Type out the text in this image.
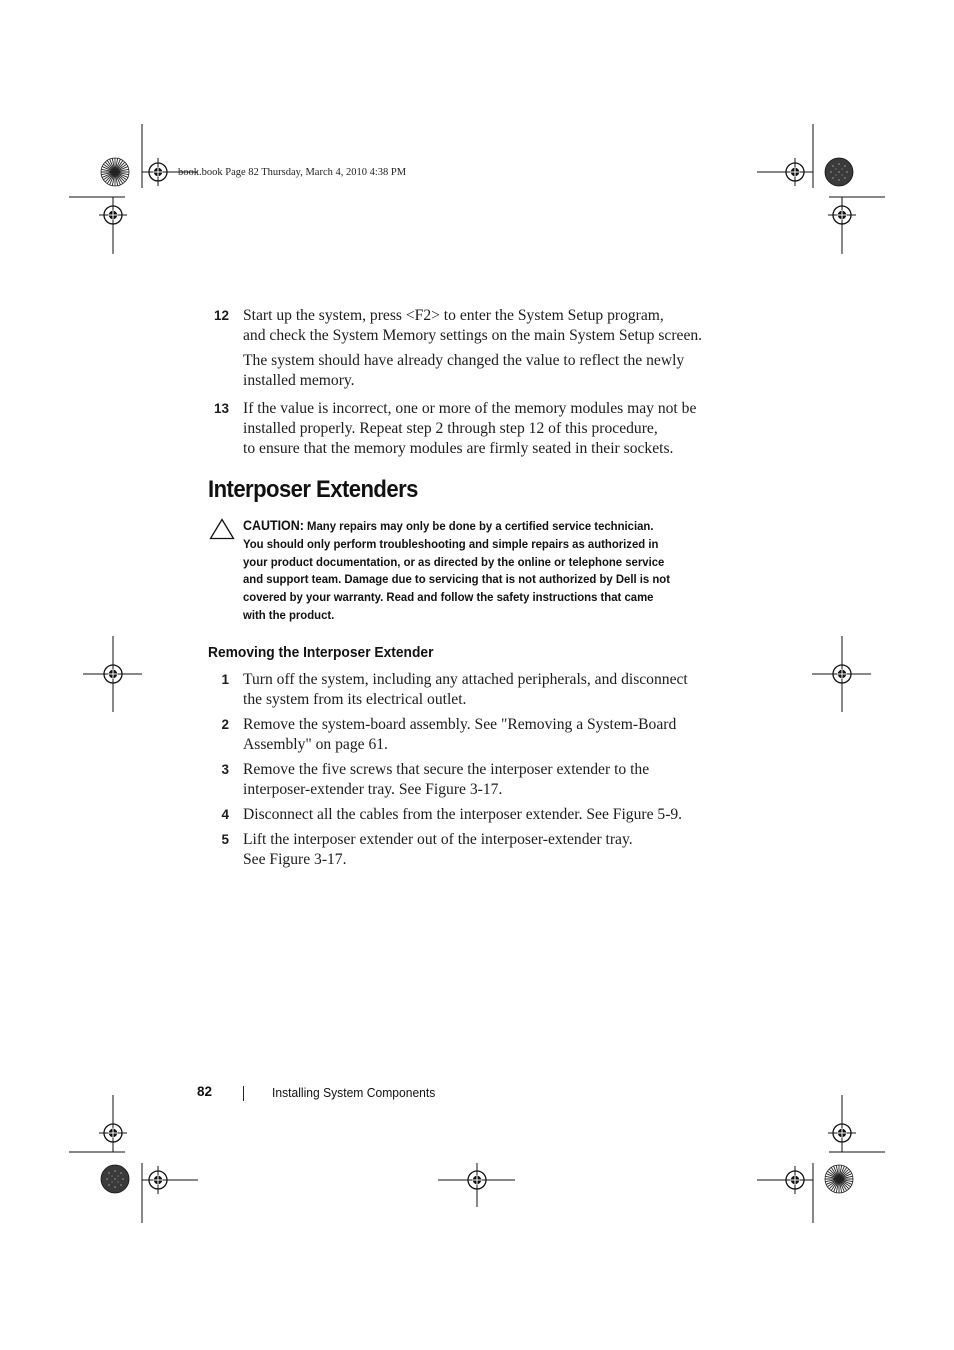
book.book Page 82 Thursday, March 4, 2010 4:38 PM
12 Start up the system, press <F2> to enter the System Setup program,
and check the System Memory settings on the main System Setup screen.
The system should have already changed the value to reflect the newly
installed memory.
13 If the value is incorrect, one or more of the memory modules may not be
installed properly. Repeat step 2 through step 12 of this procedure,
to ensure that the memory modules are firmly seated in their sockets.
Interposer Extenders
CAUTION: Many repairs may only be done by a certified service technician.
You should only perform troubleshooting and simple repairs as authorized in
your product documentation, or as directed by the online or telephone service
and support team. Damage due to servicing that is not authorized by Dell is not
covered by your warranty. Read and follow the safety instructions that came
with the product.
Removing the Interposer Extender
1 Turn off the system, including any attached peripherals, and disconnect
the system from its electrical outlet.
2 Remove the system-board assembly. See "Removing a System-Board
Assembly" on page 61.
3 Remove the five screws that secure the interposer extender to the
interposer-extender tray. See Figure 3-17.
4 Disconnect all the cables from the interposer extender. See Figure 5-9.
5 Lift the interposer extender out of the interposer-extender tray.
See Figure 3-17.
82	Installing System Components
